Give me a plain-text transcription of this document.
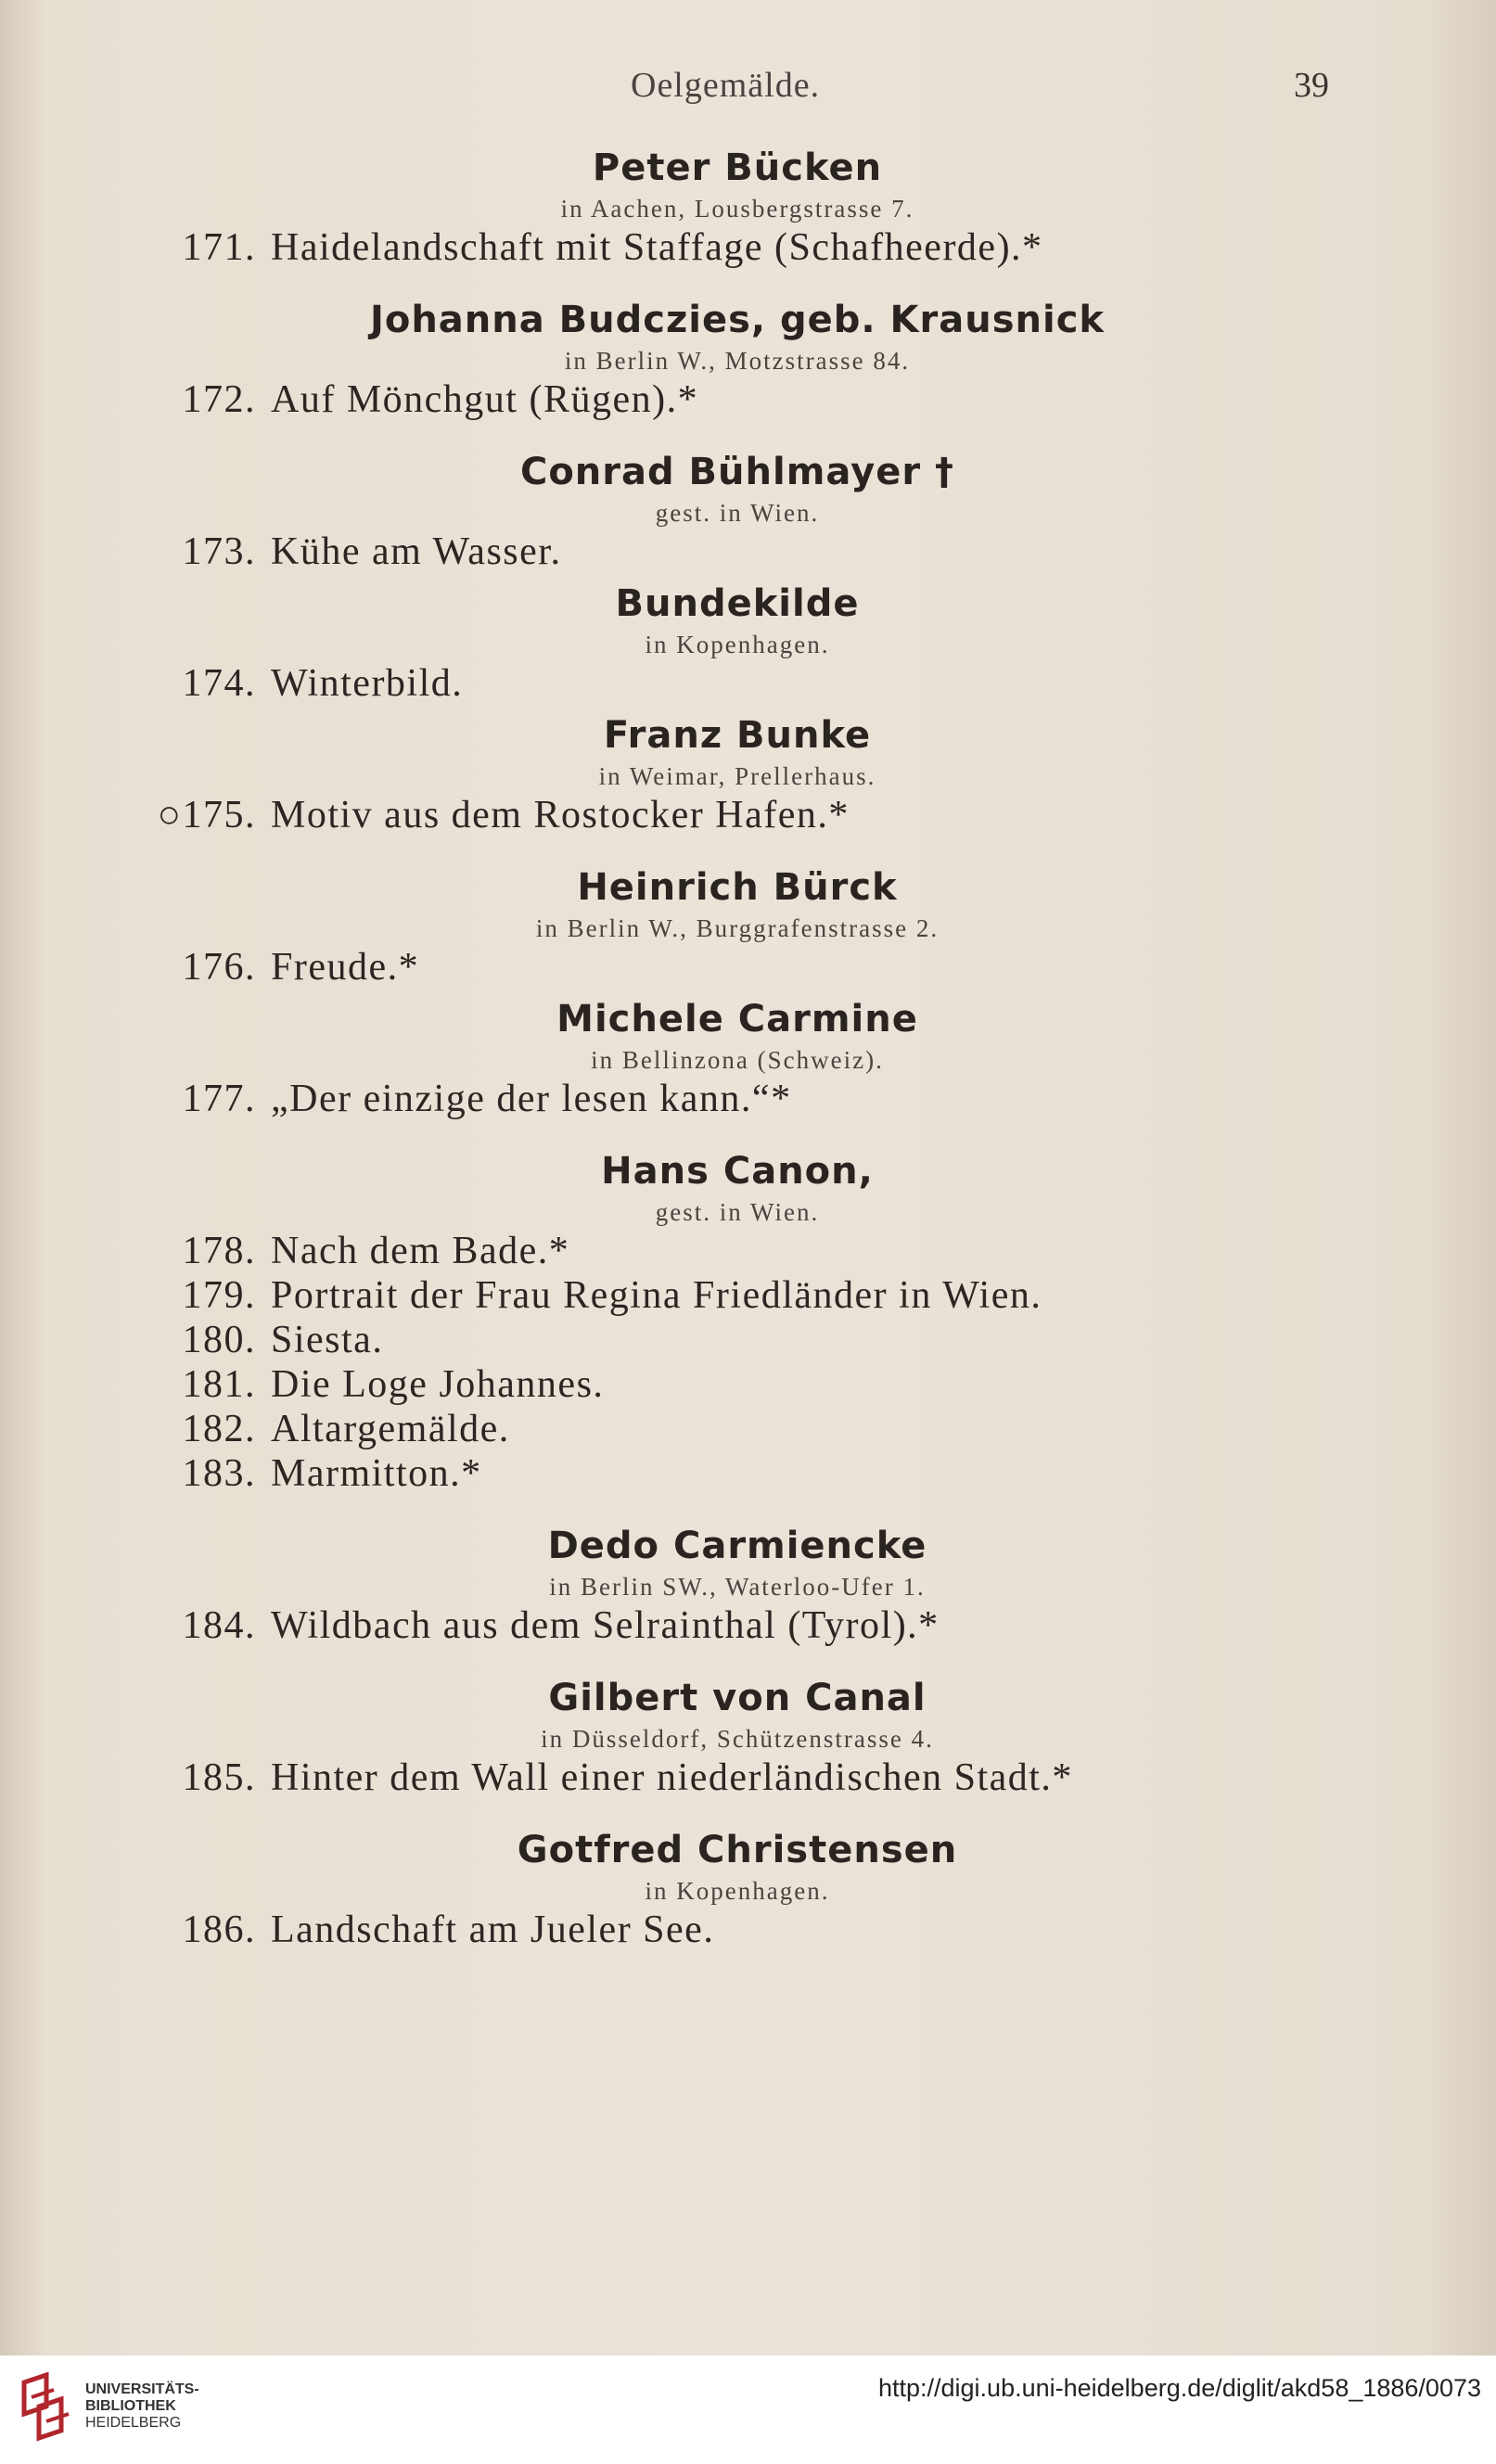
Oelgemälde.	39
Peter Bücken
in Aachen, Lousbergstrasse 7.
171. Haidelandschaft mit Staffage (Schafheerde).*
Johanna Budczies, geb. Krausnick
in Berlin W., Motzstrasse 84.
172. Auf Mönchgut (Rügen).*
Conrad Bühlmayer †
gest. in Wien.
173. Kühe am Wasser.
Bundekilde
in Kopenhagen.
174. Winterbild.
Franz Bunke
in Weimar, Prellerhaus.
○175. Motiv aus dem Rostocker Hafen.*
Heinrich Bürck
in Berlin W., Burggrafenstrasse 2.
176. Freude.*
Michele Carmine
in Bellinzona (Schweiz).
177. „Der einzige der lesen kann.“*
Hans Canon,
gest. in Wien.
178. Nach dem Bade.*
179. Portrait der Frau Regina Friedländer in Wien.
180. Siesta.
181. Die Loge Johannes.
182. Altargemälde.
183. Marmitton.*
Dedo Carmiencke
in Berlin SW., Waterloo-Ufer 1.
184. Wildbach aus dem Selrainthal (Tyrol).*
Gilbert von Canal
in Düsseldorf, Schützenstrasse 4.
185. Hinter dem Wall einer niederländischen Stadt.*
Gotfred Christensen
in Kopenhagen.
186. Landschaft am Jueler See.
UNIVERSITÄTS-
BIBLIOTHEK
HEIDELBERG
http://digi.ub.uni-heidelberg.de/diglit/akd58_1886/0073
